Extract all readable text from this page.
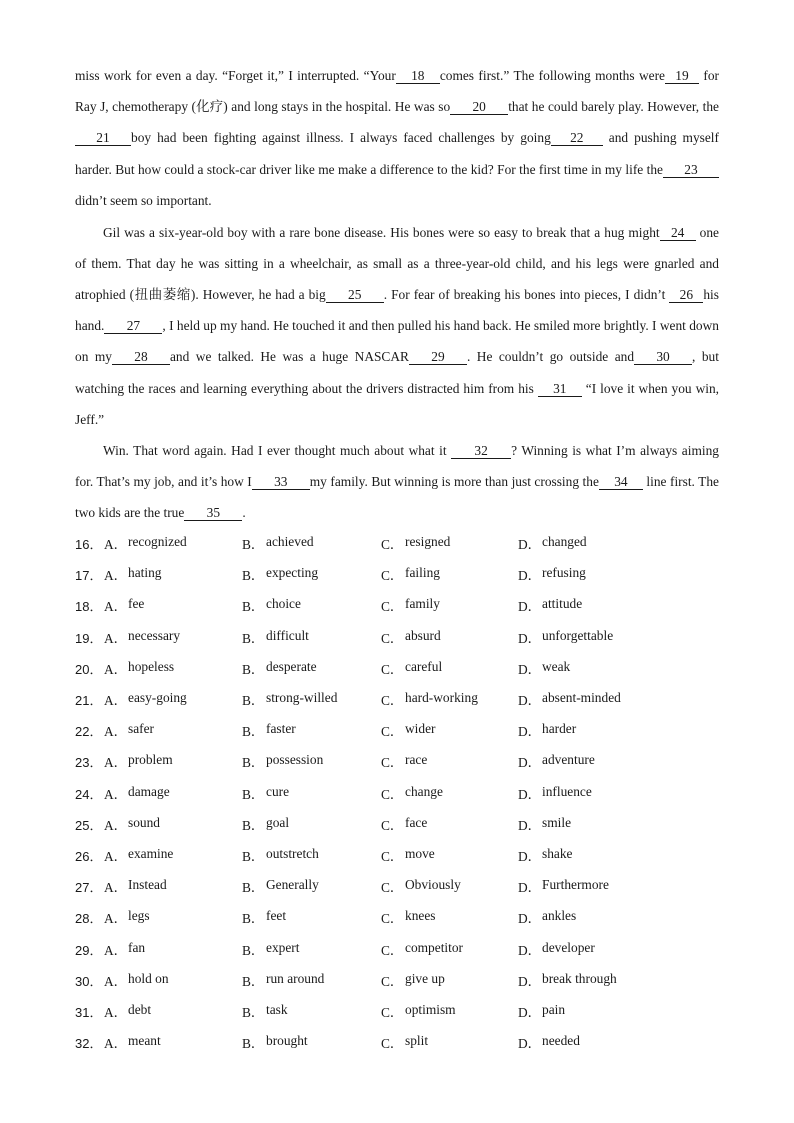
miss work for even a day. “Forget it,” I interrupted. “Your 18 comes first.” The following months were 19 for Ray J, chemotherapy (化疗) and long stays in the hospital. He was so 20 that he could barely play. However, the21 boy had been fighting against illness. I always faced challenges by going 22 and pushing myself harder. But how could a stock-car driver like me make a difference to the kid? For the first time in my life the 23didn’t seem so important.

Gil was a six-year-old boy with a rare bone disease. His bones were so easy to break that a hug might 24 one of them. That day he was sitting in a wheelchair, as small as a three-year-old child, and his legs were gnarled and atrophied (扭曲萎缩). However, he had a big 25 . For fear of breaking his bones into pieces, I didn’t 26 his hand. 27 , I held up my hand. He touched it and then pulled his hand back. He smiled more brightly. I went down on my 28 and we talked. He was a huge NASCAR 29 . He couldn’t go outside and 30 , but watching the races and learning everything about the drivers distracted him from his 31 “I love it when you win, Jeff.”

Win. That word again. Had I ever thought much about what it 32 ? Winning is what I’m always aiming for. That’s my job, and it’s how I 33 my family. But winning is more than just crossing the 34 line first. The two kids are the true 35 .

16． A． recognized	B． achieved	C． resigned	D． changed
17． A． hating	B． expecting	C． failing	D． refusing
18． A． fee	B． choice	C． family	D． attitude
19． A． necessary	B． difficult	C． absurd	D． unforgettable
20． A． hopeless	B． desperate	C． careful	D． weak
21． A． easy-going	B． strong-willed	C． hard-working	D． absent-minded
22． A． safer	B． faster	C． wider	D． harder
23． A． problem	B． possession	C． race	D． adventure
24． A． damage	B． cure	C． change	D． influence
25． A． sound	B． goal	C． face	D． smile
26． A． examine	B． outstretch	C． move	D． shake
27． A． Instead	B． Generally	C． Obviously	D． Furthermore
28． A． legs	B． feet	C． knees	D． ankles
29． A． fan	B． expert	C． competitor	D． developer
30． A． hold on	B． run around	C． give up	D． break through
31． A． debt	B． task	C． optimism	D． pain
32． A． meant	B． brought	C． split	D． needed
